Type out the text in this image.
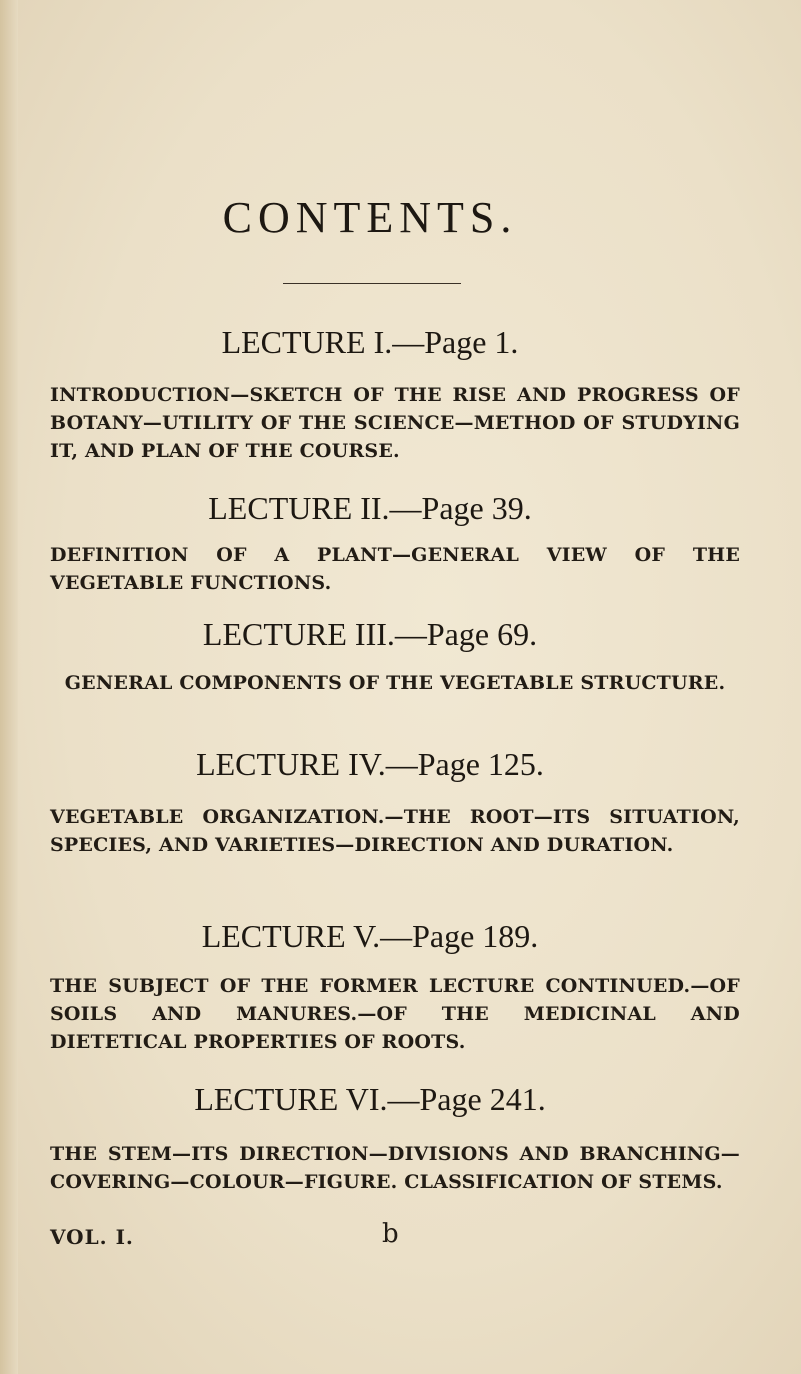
CONTENTS.
LECTURE I.—Page 1.

INTRODUCTION—SKETCH OF THE RISE AND PROGRESS OF BOTANY—UTILITY OF THE SCIENCE—METHOD OF STUDYING IT, AND PLAN OF THE COURSE.

LECTURE II.—Page 39.

DEFINITION OF A PLANT—GENERAL VIEW OF THE VEGETABLE FUNCTIONS.

LECTURE III.—Page 69.

GENERAL COMPONENTS OF THE VEGETABLE STRUCTURE.

LECTURE IV.—Page 125.

VEGETABLE ORGANIZATION.—THE ROOT—ITS SITUATION, SPECIES, AND VARIETIES—DIRECTION AND DURATION.

LECTURE V.—Page 189.

THE SUBJECT OF THE FORMER LECTURE CONTINUED.—OF SOILS AND MANURES.—OF THE MEDICINAL AND DIETETICAL PROPERTIES OF ROOTS.

LECTURE VI.—Page 241.

THE STEM—ITS DIRECTION—DIVISIONS AND BRANCHING—COVERING—COLOUR—FIGURE. CLASSIFICATION OF STEMS.

VOL. I.	b
